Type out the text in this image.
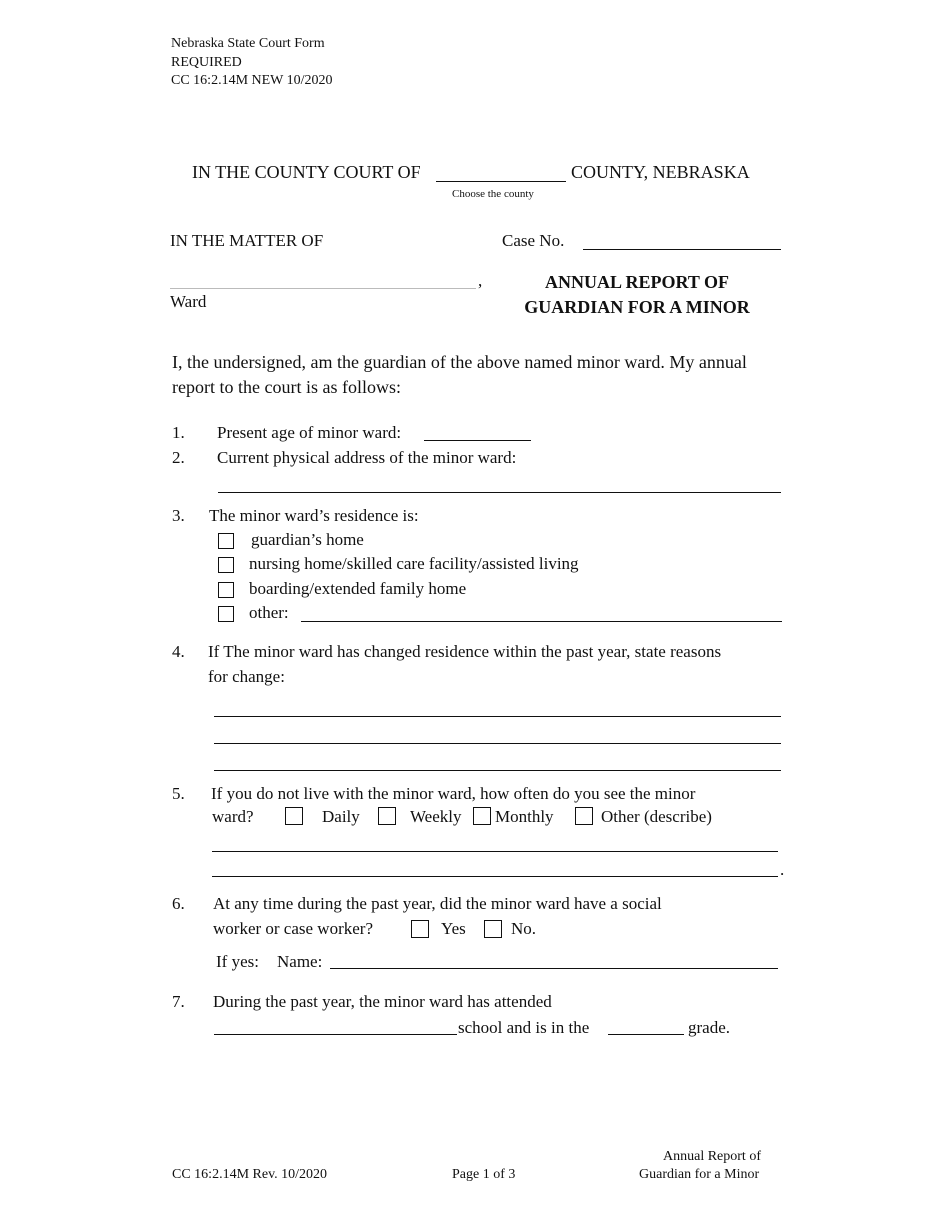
Nebraska State Court Form
REQUIRED
CC 16:2.14M NEW 10/2020
IN THE COUNTY COURT OF	COUNTY, NEBRASKA
Choose the county
IN THE MATTER OF	Case No.
,
Ward
ANNUAL REPORT OF
GUARDIAN FOR A MINOR
I, the undersigned, am the guardian of the above named minor ward. My annual
report to the court is as follows:
1. Present age of minor ward:
2. Current physical address of the minor ward:
3. The minor ward’s residence is:
guardian’s home
nursing home/skilled care facility/assisted living
boarding/extended family home
other:
4. If The minor ward has changed residence within the past year, state reasons
for change:
5. If you do not live with the minor ward, how often do you see the minor
ward?	Daily	Weekly Monthly	Other (describe)
.
6. At any time during the past year, did the minor ward have a social
worker or case worker?	Yes	No.
If yes: Name:
7. During the past year, the minor ward has attended
school and is in the	grade.
CC 16:2.14M Rev. 10/2020	Page 1 of 3
Annual Report of
Guardian for a Minor
